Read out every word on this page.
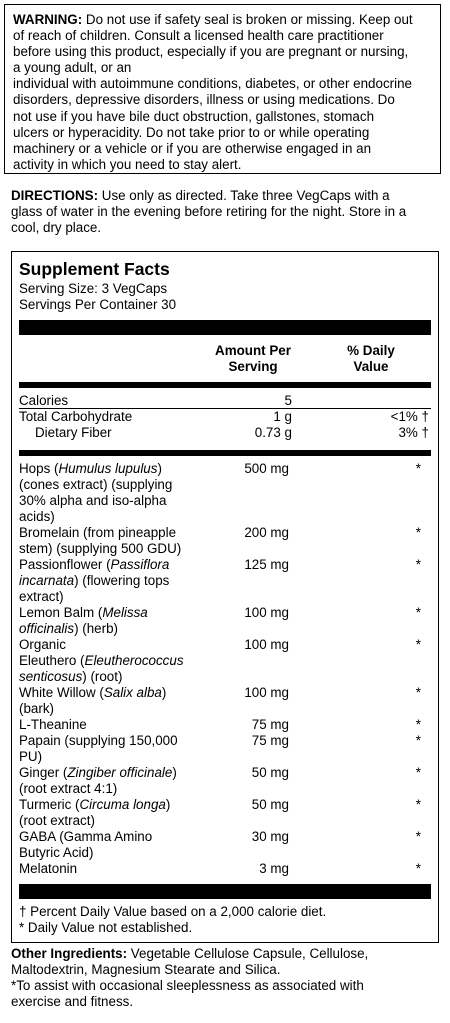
WARNING: Do not use if safety seal is broken or missing. Keep out
of reach of children. Consult a licensed health care practitioner
before using this product, especially if you are pregnant or nursing,
a young adult, or an
individual with autoimmune conditions, diabetes, or other endocrine
disorders, depressive disorders, illness or using medications. Do
not use if you have bile duct obstruction, gallstones, stomach
ulcers or hyperacidity. Do not take prior to or while operating
machinery or a vehicle or if you are otherwise engaged in an
activity in which you need to stay alert.
DIRECTIONS: Use only as directed. Take three VegCaps with a
glass of water in the evening before retiring for the night. Store in a
cool, dry place.
Supplement Facts
Serving Size: 3 VegCaps
Servings Per Container 30
Amount Per
Serving
% Daily
Value
Calories	5
Total Carbohydrate	1 g	<1% †
Dietary Fiber	0.73 g	3% †
Hops (Humulus lupulus)
(cones extract) (supplying
30% alpha and iso-alpha
acids)
500 mg	*
Bromelain (from pineapple
stem) (supplying 500 GDU)
200 mg	*
Passionflower (Passiflora
incarnata) (flowering tops
extract)
125 mg	*
Lemon Balm (Melissa
officinalis) (herb)
100 mg	*
Organic
Eleuthero (Eleutherococcus
senticosus) (root)
100 mg	*
White Willow (Salix alba)
(bark)
100 mg	*
L-Theanine	75 mg	*
Papain (supplying 150,000
PU)
75 mg	*
Ginger (Zingiber officinale)
(root extract 4:1)
50 mg	*
Turmeric (Circuma longa)
(root extract)
50 mg	*
GABA (Gamma Amino
Butyric Acid)
30 mg	*
Melatonin	3 mg	*
† Percent Daily Value based on a 2,000 calorie diet.
* Daily Value not established.
Other Ingredients: Vegetable Cellulose Capsule, Cellulose,
Maltodextrin, Magnesium Stearate and Silica.
*To assist with occasional sleeplessness as associated with
exercise and fitness.
